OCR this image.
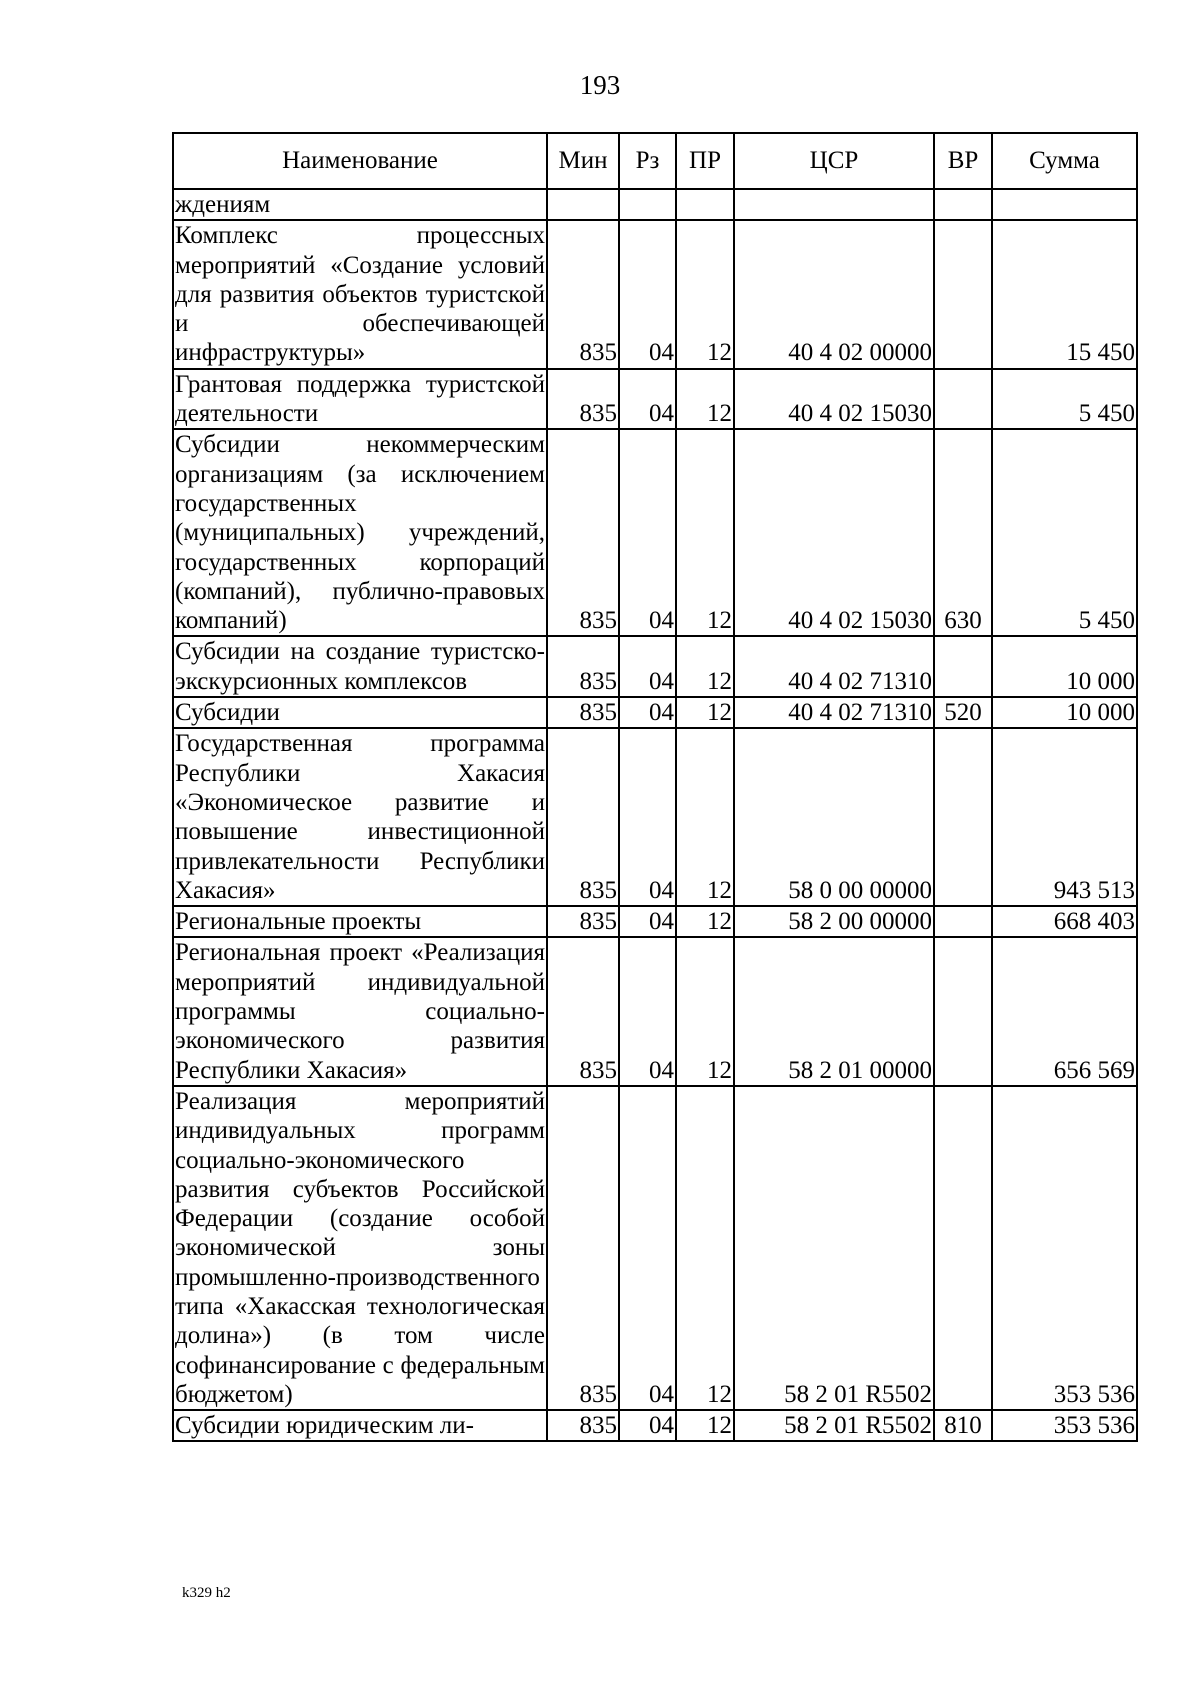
193
Наименование	Мин	Рз	ПР	ЦСР	ВР	Сумма
ждениям						
Комплекс процессных мероприятий «Создание условий для развития объектов туристской и обеспечивающей инфраструктуры»	835	04	12	40 4 02 00000		15 450
Грантовая поддержка туристской деятельности	835	04	12	40 4 02 15030		5 450
Субсидии некоммерческим организациям (за исключением государственных (муниципальных) учреждений, государственных корпораций (компаний), публично-правовых компаний)	835	04	12	40 4 02 15030	630	5 450
Субсидии на создание туристско-экскурсионных комплексов	835	04	12	40 4 02 71310		10 000
Субсидии	835	04	12	40 4 02 71310	520	10 000
Государственная программа Республики Хакасия «Экономическое развитие и повышение инвестиционной привлекательности Республики Хакасия»	835	04	12	58 0 00 00000		943 513
Региональные проекты	835	04	12	58 2 00 00000		668 403
Региональная проект «Реализация мероприятий индивидуальной программы социально-экономического развития Республики Хакасия»	835	04	12	58 2 01 00000		656 569
Реализация мероприятий индивидуальных программ социально-экономического развития субъектов Российской Федерации (создание особой экономической зоны промышленно-производственного типа «Хакасская технологическая долина») (в том числе софинансирование с федеральным бюджетом)	835	04	12	58 2 01 R5502		353 536
Субсидии юридическим ли-	835	04	12	58 2 01 R5502	810	353 536
k329 h2
